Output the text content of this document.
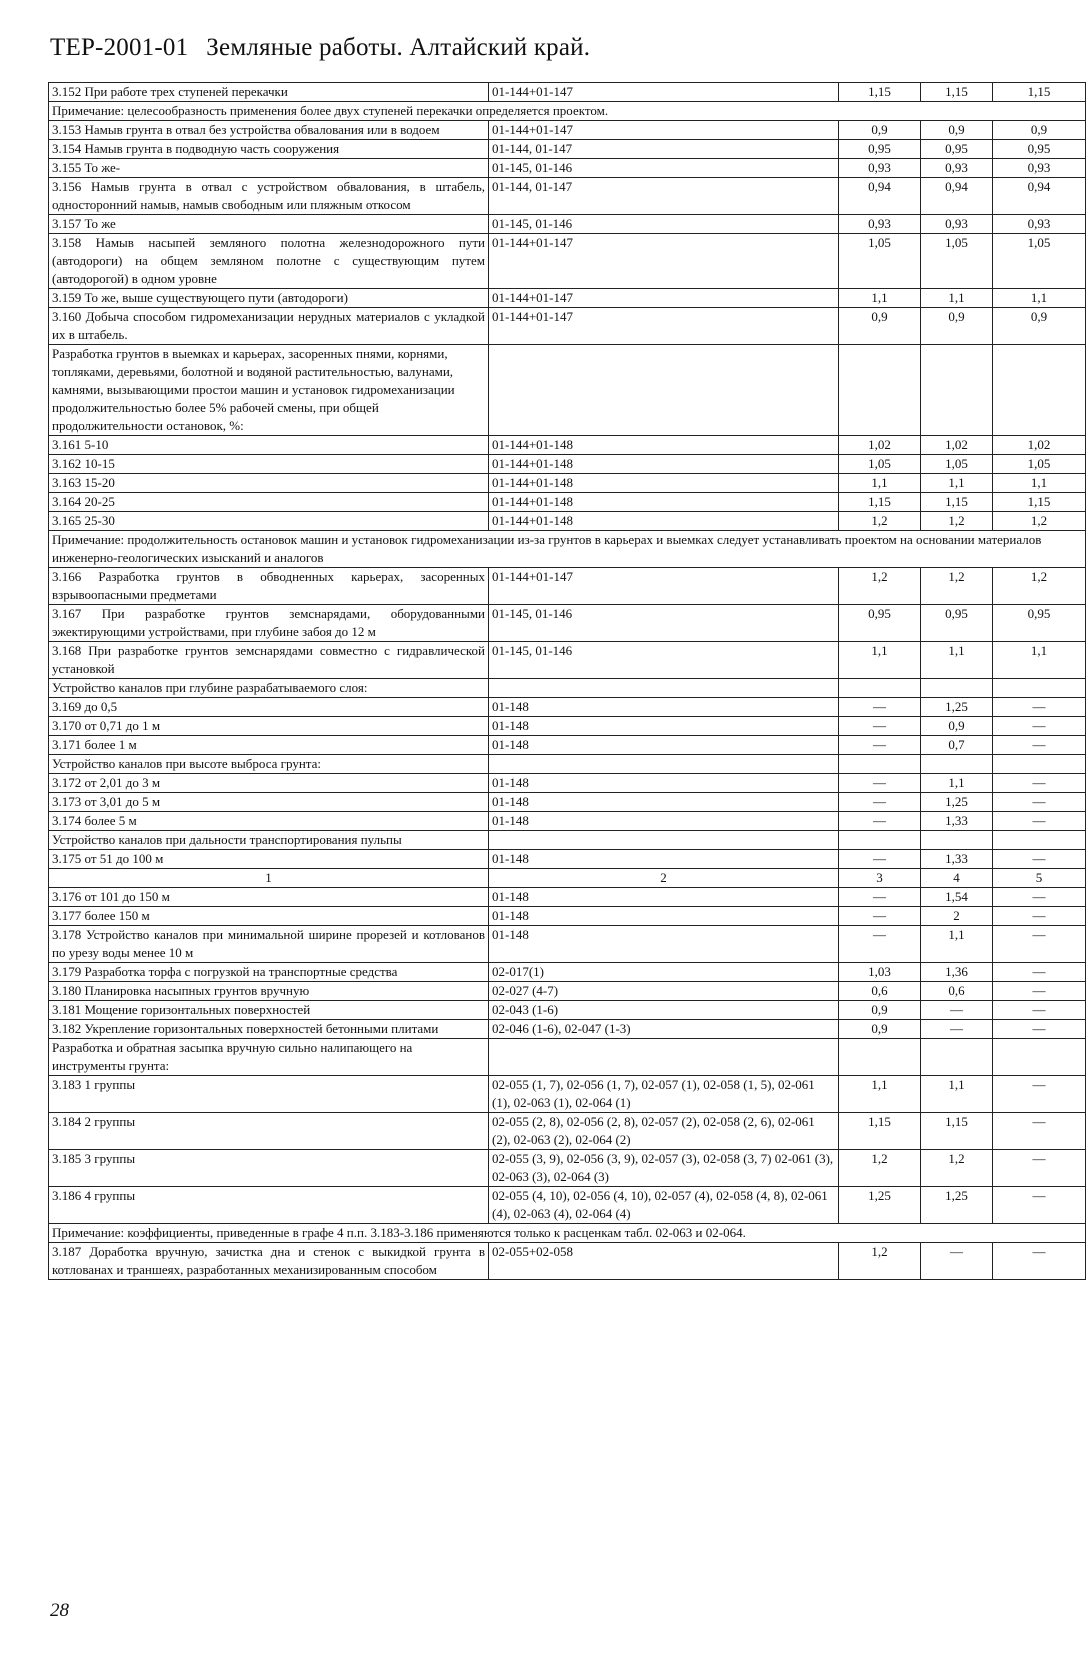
ТЕР-2001-01 Земляные работы. Алтайский край.
3.152 При работе трех ступеней перекачки	01-144+01-147	1,15	1,15	1,15
Примечание: целесообразность применения более двух ступеней перекачки определяется проектом.				
3.153 Намыв грунта в отвал без устройства обвалования или в водоем	01-144+01-147	0,9	0,9	0,9
3.154 Намыв грунта в подводную часть сооружения	01-144, 01-147	0,95	0,95	0,95
3.155 То же-	01-145, 01-146	0,93	0,93	0,93
3.156 Намыв грунта в отвал с устройством обвалования, в штабель, односторонний намыв, намыв свободным или пляжным откосом	01-144, 01-147	0,94	0,94	0,94
3.157 То же	01-145, 01-146	0,93	0,93	0,93
3.158 Намыв насыпей земляного полотна железнодорожного пути (автодороги) на общем земляном полотне с существующим путем (автодорогой) в одном уровне	01-144+01-147	1,05	1,05	1,05
3.159 То же, выше существующего пути (автодороги)	01-144+01-147	1,1	1,1	1,1
3.160 Добыча способом гидромеханизации нерудных материалов с укладкой их в штабель.	01-144+01-147	0,9	0,9	0,9
Разработка грунтов в выемках и карьерах, засоренных пнями, корнями, топляками, деревьями, болотной и водяной растительностью, валунами, камнями, вызывающими простои машин и установок гидромеханизации продолжительностью более 5% рабочей смены, при общей продолжительности остановок, %:				
3.161 5-10	01-144+01-148	1,02	1,02	1,02
3.162 10-15	01-144+01-148	1,05	1,05	1,05
3.163 15-20	01-144+01-148	1,1	1,1	1,1
3.164 20-25	01-144+01-148	1,15	1,15	1,15
3.165 25-30	01-144+01-148	1,2	1,2	1,2
Примечание: продолжительность остановок машин и установок гидромеханизации из-за грунтов в карьерах и выемках следует устанавливать проектом на основании материалов инженерно-геологических изысканий и аналогов				
3.166 Разработка грунтов в обводненных карьерах, засоренных взрывоопасными предметами	01-144+01-147	1,2	1,2	1,2
3.167 При разработке грунтов земснарядами, оборудованными эжектирующими устройствами, при глубине забоя до 12 м	01-145, 01-146	0,95	0,95	0,95
3.168 При разработке грунтов земснарядами совместно с гидравлической установкой	01-145, 01-146	1,1	1,1	1,1
Устройство каналов при глубине разрабатываемого слоя:				
3.169 до 0,5	01-148	—	1,25	—
3.170 от 0,71 до 1 м	01-148	—	0,9	—
3.171 более 1 м	01-148	—	0,7	—
Устройство каналов при высоте выброса грунта:				
3.172 от 2,01 до 3 м	01-148	—	1,1	—
3.173 от 3,01 до 5 м	01-148	—	1,25	—
3.174 более 5 м	01-148	—	1,33	—
Устройство каналов при дальности транспортирования пульпы				
3.175 от 51 до 100 м	01-148	—	1,33	—
1	2	3	4	5
3.176 от 101 до 150 м	01-148	—	1,54	—
3.177 более 150 м	01-148	—	2	—
3.178 Устройство каналов при минимальной ширине прорезей и котлованов по урезу воды менее 10 м	01-148	—	1,1	—
3.179 Разработка торфа с погрузкой на транспортные средства	02-017(1)	1,03	1,36	—
3.180 Планировка насыпных грунтов вручную	02-027 (4-7)	0,6	0,6	—
3.181 Мощение горизонтальных поверхностей	02-043 (1-6)	0,9	—	—
3.182 Укрепление горизонтальных поверхностей бетонными плитами	02-046 (1-6), 02-047 (1-3)	0,9	—	—
Разработка и обратная засыпка вручную сильно налипающего на инструменты грунта:				
3.183 1 группы	02-055 (1, 7), 02-056 (1, 7), 02-057 (1), 02-058 (1, 5), 02-061 (1), 02-063 (1), 02-064 (1)	1,1	1,1	—
3.184 2 группы	02-055 (2, 8), 02-056 (2, 8), 02-057 (2), 02-058 (2, 6), 02-061 (2), 02-063 (2), 02-064 (2)	1,15	1,15	—
3.185 3 группы	02-055 (3, 9), 02-056 (3, 9), 02-057 (3), 02-058 (3, 7) 02-061 (3), 02-063 (3), 02-064 (3)	1,2	1,2	—
3.186 4 группы	02-055 (4, 10), 02-056 (4, 10), 02-057 (4), 02-058 (4, 8), 02-061 (4), 02-063 (4), 02-064 (4)	1,25	1,25	—
Примечание: коэффициенты, приведенные в графе 4 п.п. 3.183-3.186 применяются только к расценкам табл. 02-063 и 02-064.				
3.187 Доработка вручную, зачистка дна и стенок с выкидкой грунта в котлованах и траншеях, разработанных механизированным способом	02-055+02-058	1,2	—	—
28
